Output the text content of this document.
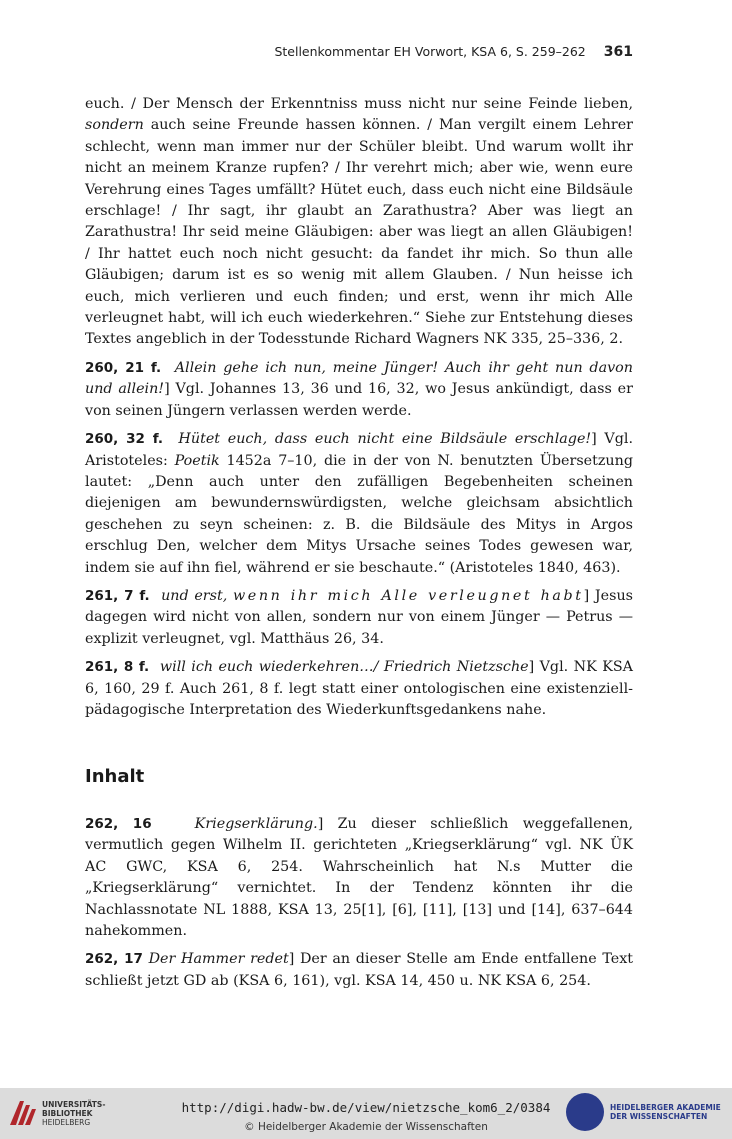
Stellenkommentar EH Vorwort, KSA 6, S. 259–262 361

euch. / Der Mensch der Erkenntniss muss nicht nur seine Feinde lieben, sondern auch seine Freunde hassen können. / Man vergilt einem Lehrer schlecht, wenn man immer nur der Schüler bleibt. Und warum wollt ihr nicht an meinem Kranze rupfen? / Ihr verehrt mich; aber wie, wenn eure Verehrung eines Tages umfällt? Hütet euch, dass euch nicht eine Bildsäule erschlage! / Ihr sagt, ihr glaubt an Zarathustra? Aber was liegt an Zarathustra! Ihr seid meine Gläubigen: aber was liegt an allen Gläubigen! / Ihr hattet euch noch nicht gesucht: da fandet ihr mich. So thun alle Gläubigen; darum ist es so wenig mit allem Glauben. / Nun heisse ich euch, mich verlieren und euch finden; und erst, wenn ihr mich Alle verleugnet habt, will ich euch wiederkehren.“ Siehe zur Entstehung dieses Textes angeblich in der Todesstunde Richard Wagners NK 335, 25–336, 2.

260, 21 f. Allein gehe ich nun, meine Jünger! Auch ihr geht nun davon und allein!] Vgl. Johannes 13, 36 und 16, 32, wo Jesus ankündigt, dass er von seinen Jüngern verlassen werden werde.

260, 32 f. Hütet euch, dass euch nicht eine Bildsäule erschlage!] Vgl. Aristoteles: Poetik 1452a 7–10, die in der von N. benutzten Übersetzung lautet: „Denn auch unter den zufälligen Begebenheiten scheinen diejenigen am bewundernswürdigsten, welche gleichsam absichtlich geschehen zu seyn scheinen: z. B. die Bildsäule des Mitys in Argos erschlug Den, welcher dem Mitys Ursache seines Todes gewesen war, indem sie auf ihn fiel, während er sie beschaute.“ (Aristoteles 1840, 463).

261, 7 f. und erst, wenn ihr mich Alle verleugnet habt] Jesus dagegen wird nicht von allen, sondern nur von einem Jünger — Petrus — explizit verleugnet, vgl. Matthäus 26, 34.

261, 8 f. will ich euch wiederkehren…/ Friedrich Nietzsche] Vgl. NK KSA 6, 160, 29 f. Auch 261, 8 f. legt statt einer ontologischen eine existenziell-pädagogische Interpretation des Wiederkunftsgedankens nahe.

Inhalt

262, 16	Kriegserklärung.] Zu dieser schließlich weggefallenen, vermutlich gegen Wilhelm II. gerichteten „Kriegserklärung“ vgl. NK ÜK AC GWC, KSA 6, 254. Wahrscheinlich hat N.s Mutter die „Kriegserklärung“ vernichtet. In der Tendenz könnten ihr die Nachlassnotate NL 1888, KSA 13, 25[1], [6], [11], [13] und [14], 637–644 nahekommen.

262, 17 Der Hammer redet] Der an dieser Stelle am Ende entfallene Text schließt jetzt GD ab (KSA 6, 161), vgl. KSA 14, 450 u. NK KSA 6, 254.

UNIVERSITÄTS-
BIBLIOTHEK
HEIDELBERG
http://digi.hadw-bw.de/view/nietzsche_kom6_2/0384
© Heidelberger Akademie der Wissenschaften
HEIDELBERGER AKADEMIE
DER WISSENSCHAFTEN
